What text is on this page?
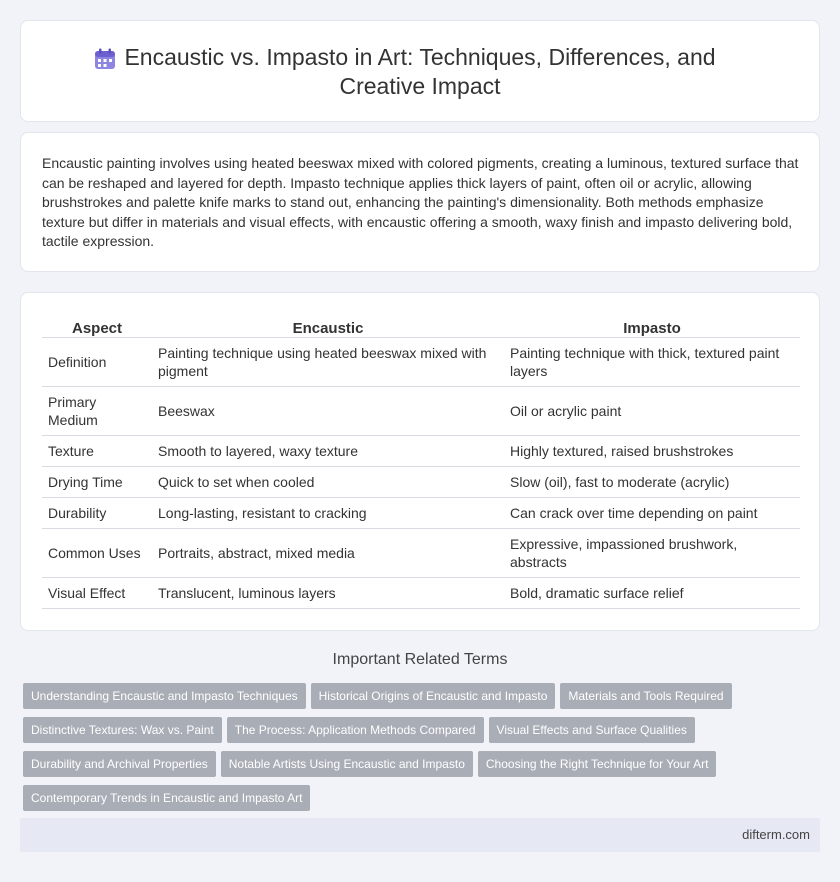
Encaustic vs. Impasto in Art: Techniques, Differences, and
Creative Impact

Encaustic painting involves using heated beeswax mixed with colored pigments, creating a luminous, textured surface that can be reshaped and layered for depth. Impasto technique applies thick layers of paint, often oil or acrylic, allowing brushstrokes and palette knife marks to stand out, enhancing the painting's dimensionality. Both methods emphasize texture but differ in materials and visual effects, with encaustic offering a smooth, waxy finish and impasto delivering bold, tactile expression.

Aspect	Encaustic	Impasto
Definition	Painting technique using heated beeswax mixed with pigment	Painting technique with thick, textured paint layers
Primary Medium	Beeswax	Oil or acrylic paint
Texture	Smooth to layered, waxy texture	Highly textured, raised brushstrokes
Drying Time	Quick to set when cooled	Slow (oil), fast to moderate (acrylic)
Durability	Long-lasting, resistant to cracking	Can crack over time depending on paint
Common Uses	Portraits, abstract, mixed media	Expressive, impassioned brushwork, abstracts
Visual Effect	Translucent, luminous layers	Bold, dramatic surface relief
Important Related Terms
Understanding Encaustic and Impasto Techniques Historical Origins of Encaustic and Impasto Materials and Tools Required
Distinctive Textures: Wax vs. Paint The Process: Application Methods Compared Visual Effects and Surface Qualities
Durability and Archival Properties Notable Artists Using Encaustic and Impasto Choosing the Right Technique for Your Art
Contemporary Trends in Encaustic and Impasto Art
difterm.com
